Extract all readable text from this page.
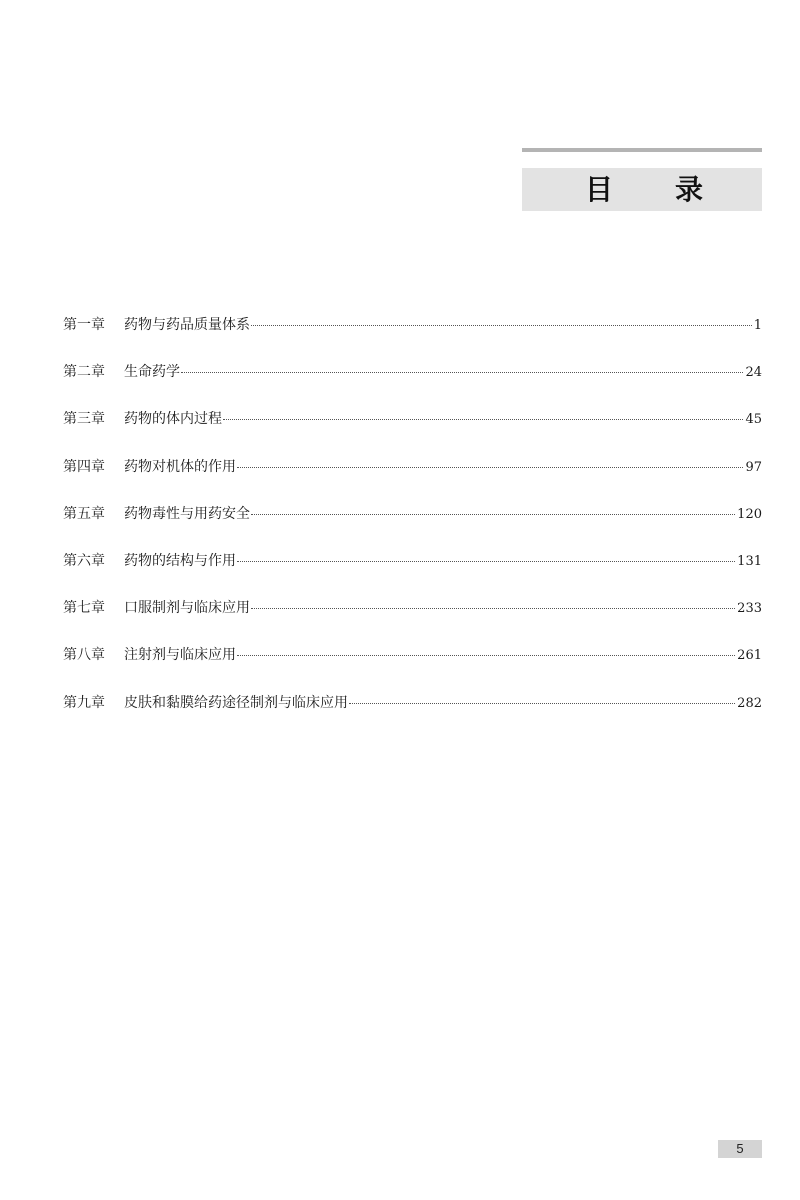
目 录
第一章	药物与药品质量体系	1
第二章	生命药学	24
第三章	药物的体内过程	45
第四章	药物对机体的作用	97
第五章	药物毒性与用药安全	120
第六章	药物的结构与作用	131
第七章	口服制剂与临床应用	233
第八章	注射剂与临床应用	261
第九章	皮肤和黏膜给药途径制剂与临床应用	282
5
